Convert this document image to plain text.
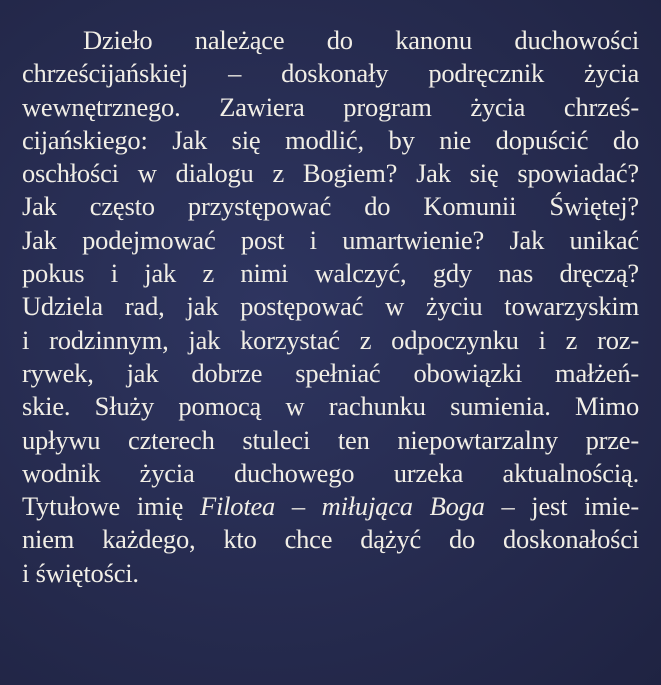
Dzieło należące do kanonu duchowości
chrześcijańskiej – doskonały podręcznik życia
wewnętrznego. Zawiera program życia chrześ-
cijańskiego: Jak się modlić, by nie dopuścić do
oschłości w dialogu z Bogiem? Jak się spowiadać?
Jak często przystępować do Komunii Świętej?
Jak podejmować post i umartwienie? Jak unikać
pokus i jak z nimi walczyć, gdy nas dręczą?
Udziela rad, jak postępować w życiu towarzyskim
i rodzinnym, jak korzystać z odpoczynku i z roz-
rywek, jak dobrze spełniać obowiązki małżeń-
skie. Służy pomocą w rachunku sumienia. Mimo
upływu czterech stuleci ten niepowtarzalny prze-
wodnik życia duchowego urzeka aktualnością.
Tytułowe imię Filotea – miłująca Boga – jest imie-
niem każdego, kto chce dążyć do doskonałości
i świętości.
